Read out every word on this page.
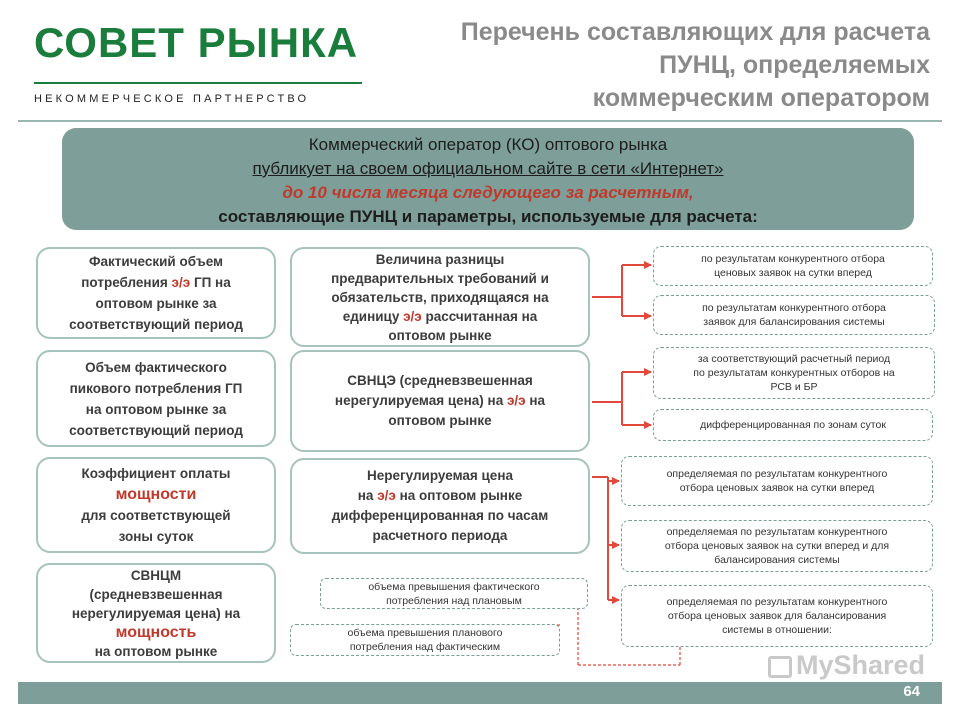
СОВЕТ РЫНКА
НЕКОММЕРЧЕСКОЕ ПАРТНЕРСТВО
Перечень составляющих для расчета
ПУНЦ, определяемых
коммерческим оператором
Коммерческий оператор (КО) оптового рынка
публикует на своем официальном сайте в сети «Интернет»
до 10 числа месяца следующего за расчетным,
составляющие ПУНЦ и параметры, используемые для расчета:
Фактический объем
потребления э/э ГП на
оптовом рынке за
соответствующий период
Объем фактического
пикового потребления ГП
на оптовом рынке за
соответствующий период
Коэффициент оплаты
мощности
для соответствующей
зоны суток
СВНЦМ
(средневзвешенная
нерегулируемая цена) на
мощность
на оптовом рынке
Величина разницы
предварительных требований и
обязательств, приходящаяся на
единицу э/э рассчитанная на
оптовом рынке
СВНЦЭ (средневзвешенная
нерегулируемая цена) на э/э на
оптовом рынке
Нерегулируемая цена
на э/э на оптовом рынке
дифференцированная по часам
расчетного периода
по результатам конкурентного отбора
ценовых заявок на сутки вперед
по результатам конкурентного отбора
заявок для балансирования системы
за соответствующий расчетный период
по результатам конкурентных отборов на
РСВ и БР
дифференцированная по зонам суток
определяемая по результатам конкурентного
отбора ценовых заявок на сутки вперед
определяемая по результатам конкурентного
отбора ценовых заявок на сутки вперед и для
балансирования системы
определяемая по результатам конкурентного
отбора ценовых заявок для балансирования
системы в отношении:
объема превышения фактического
потребления над плановым
объема превышения планового
потребления над фактическим
MyShared
64
